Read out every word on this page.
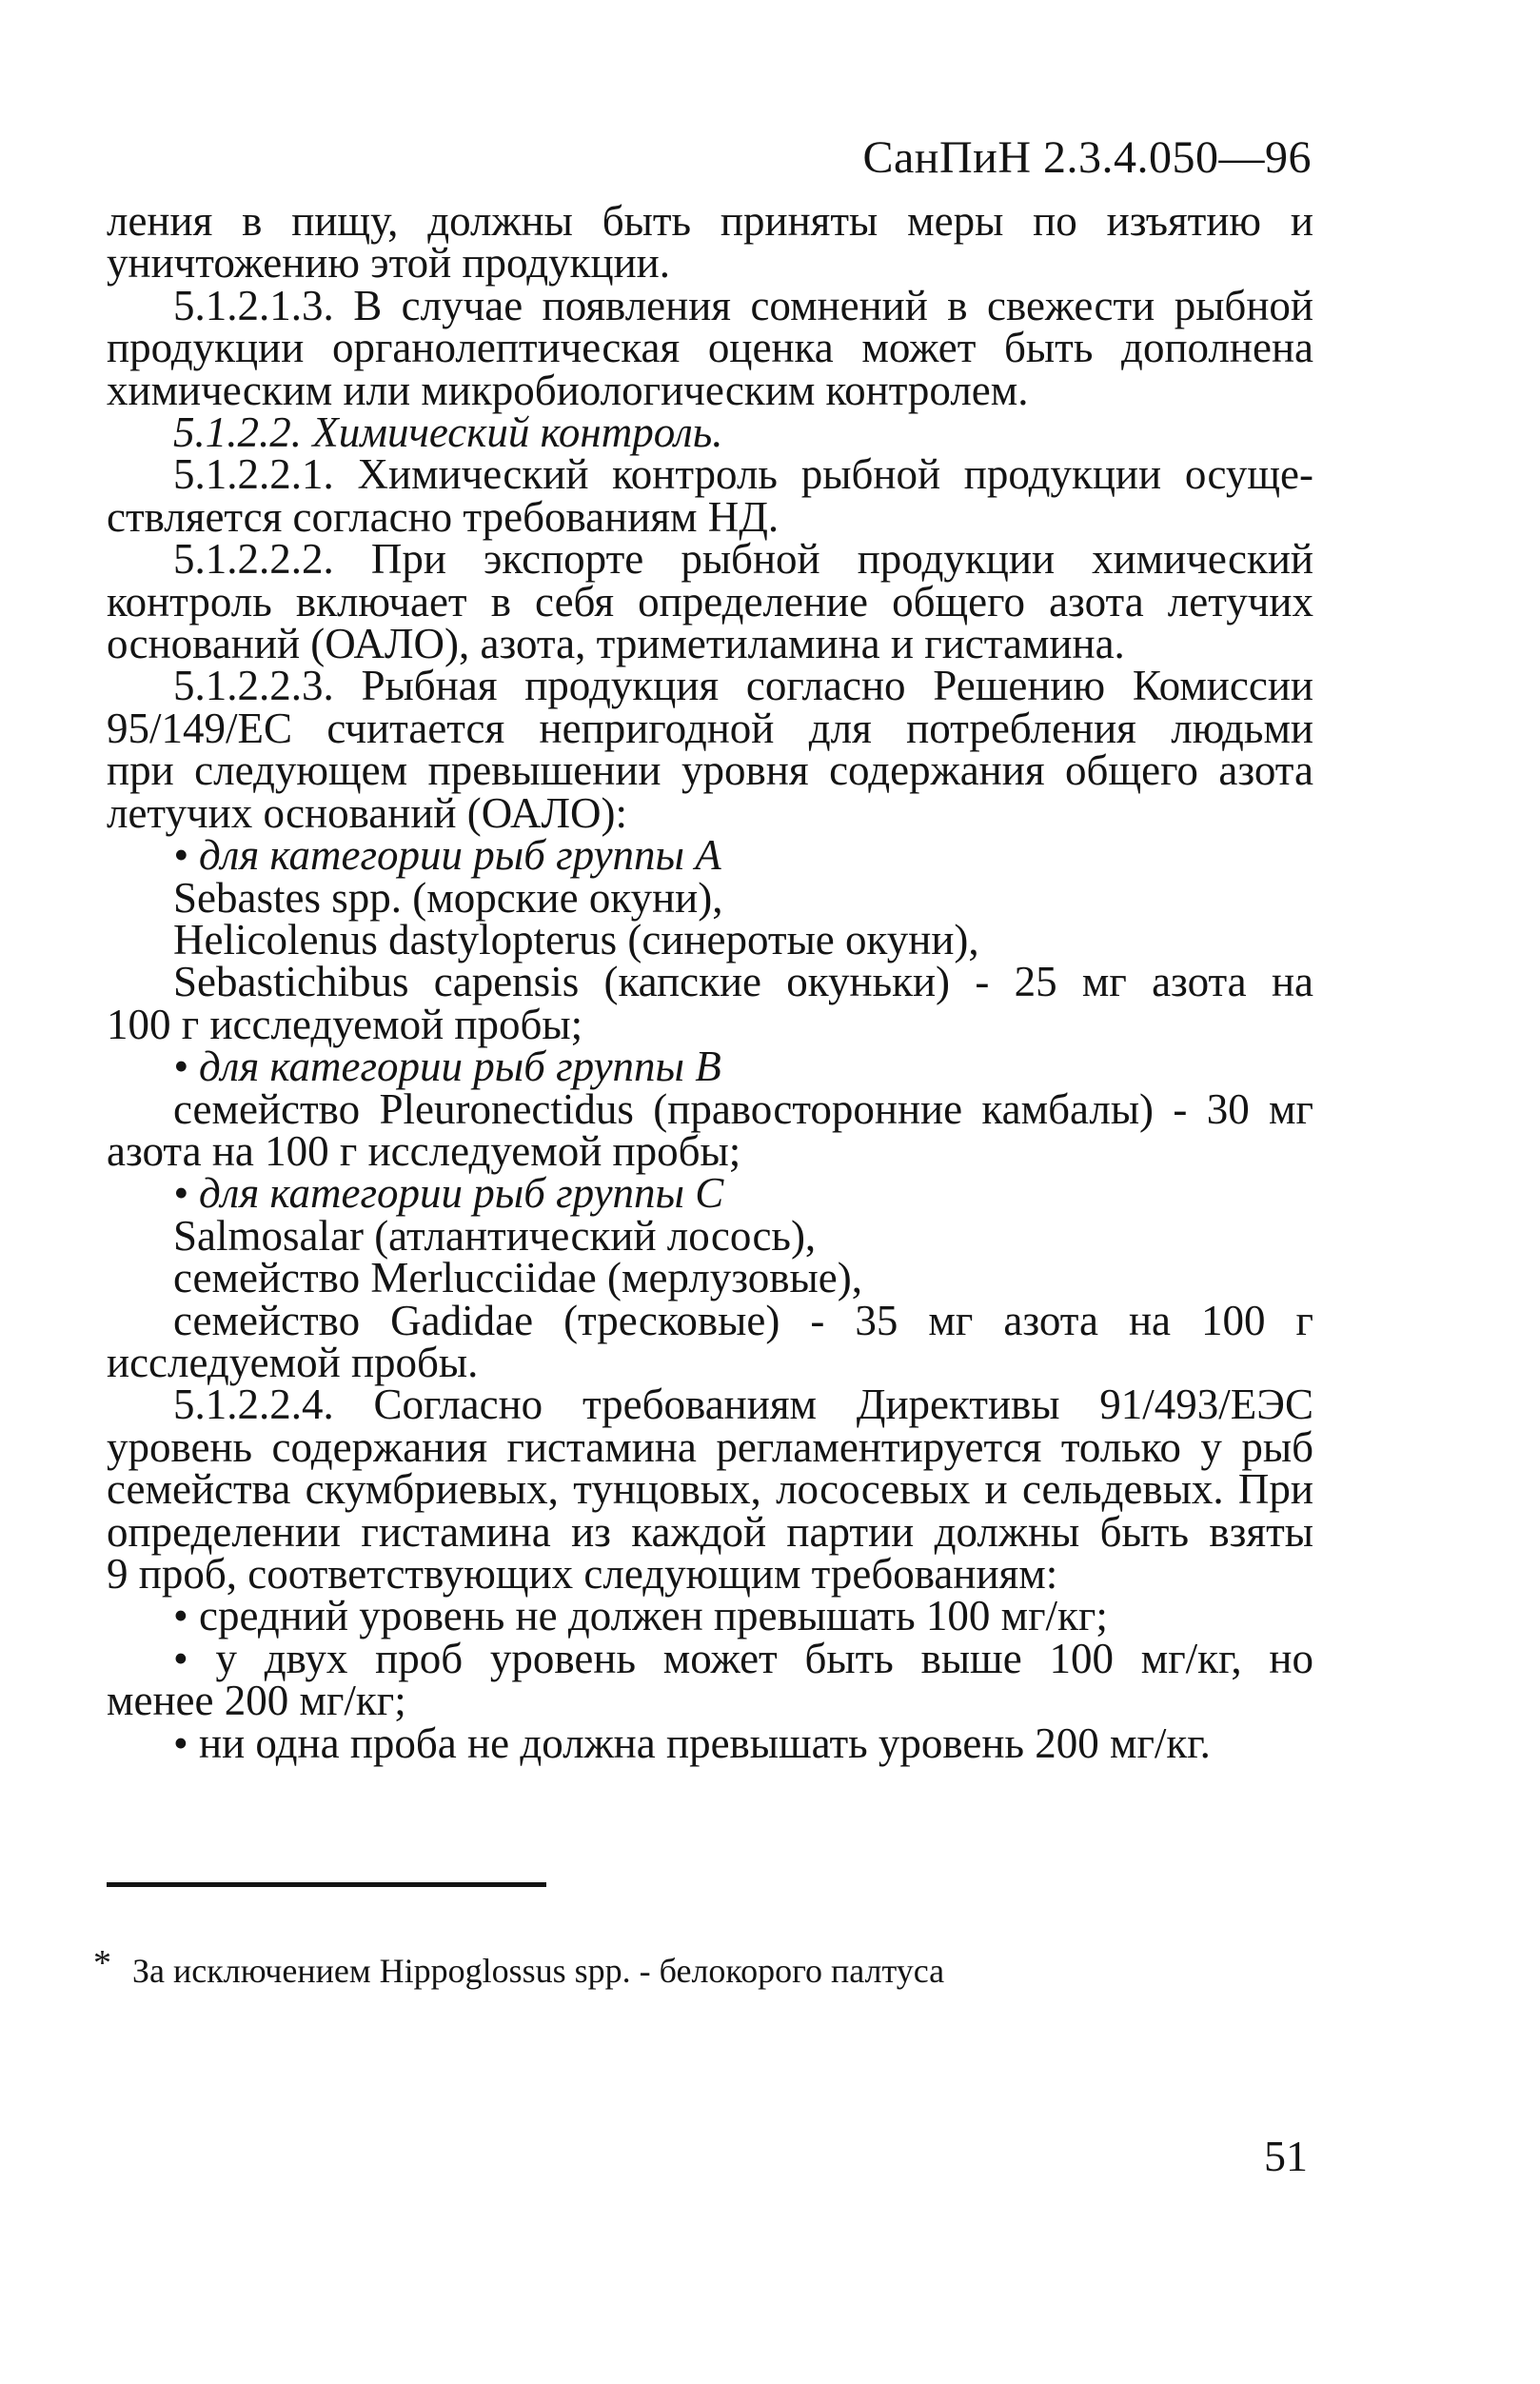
СанПиН 2.3.4.050—96
ления в пищу, должны быть приняты меры по изъятию и
уничтожению этой продукции.
5.1.2.1.3. В случае появления сомнений в свежести рыбной
продукции органолептическая оценка может быть дополнена
химическим или микробиологическим контролем.
5.1.2.2. Химический контроль.
5.1.2.2.1. Химический контроль рыбной продукции осуще-
ствляется согласно требованиям НД.
5.1.2.2.2. При экспорте рыбной продукции химический
контроль включает в себя определение общего азота летучих
оснований (ОАЛО), азота, триметиламина и гистамина.
5.1.2.2.3. Рыбная продукция согласно Решению Комиссии
95/149/ЕС считается непригодной для потребления людьми
при следующем превышении уровня содержания общего азота
летучих оснований (ОАЛО):
• для категории рыб группы А
Sebastes spp. (морские окуни),
Helicolenus dastylopterus (синеротые окуни),
Sebastichibus capensis (капские окуньки) - 25 мг азота на
100 г исследуемой пробы;
• для категории рыб группы В
семейство Pleuronectidus (правосторонние камбалы) - 30 мг
азота на 100 г исследуемой пробы;
• для категории рыб группы С
Salmosalar (атлантический лосось),
семейство Merlucciidae (мерлузовые),
семейство Gadidae (тресковые) - 35 мг азота на 100 г
исследуемой пробы.
5.1.2.2.4. Согласно требованиям Директивы 91/493/ЕЭС
уровень содержания гистамина регламентируется только у рыб
семейства скумбриевых, тунцовых, лососевых и сельдевых. При
определении гистамина из каждой партии должны быть взяты
9 проб, соответствующих следующим требованиям:
• средний уровень не должен превышать 100 мг/кг;
• у двух проб уровень может быть выше 100 мг/кг, но
менее 200 мг/кг;
• ни одна проба не должна превышать уровень 200 мг/кг.
* За исключением Hippoglossus spp. - белокорого палтуса
51
